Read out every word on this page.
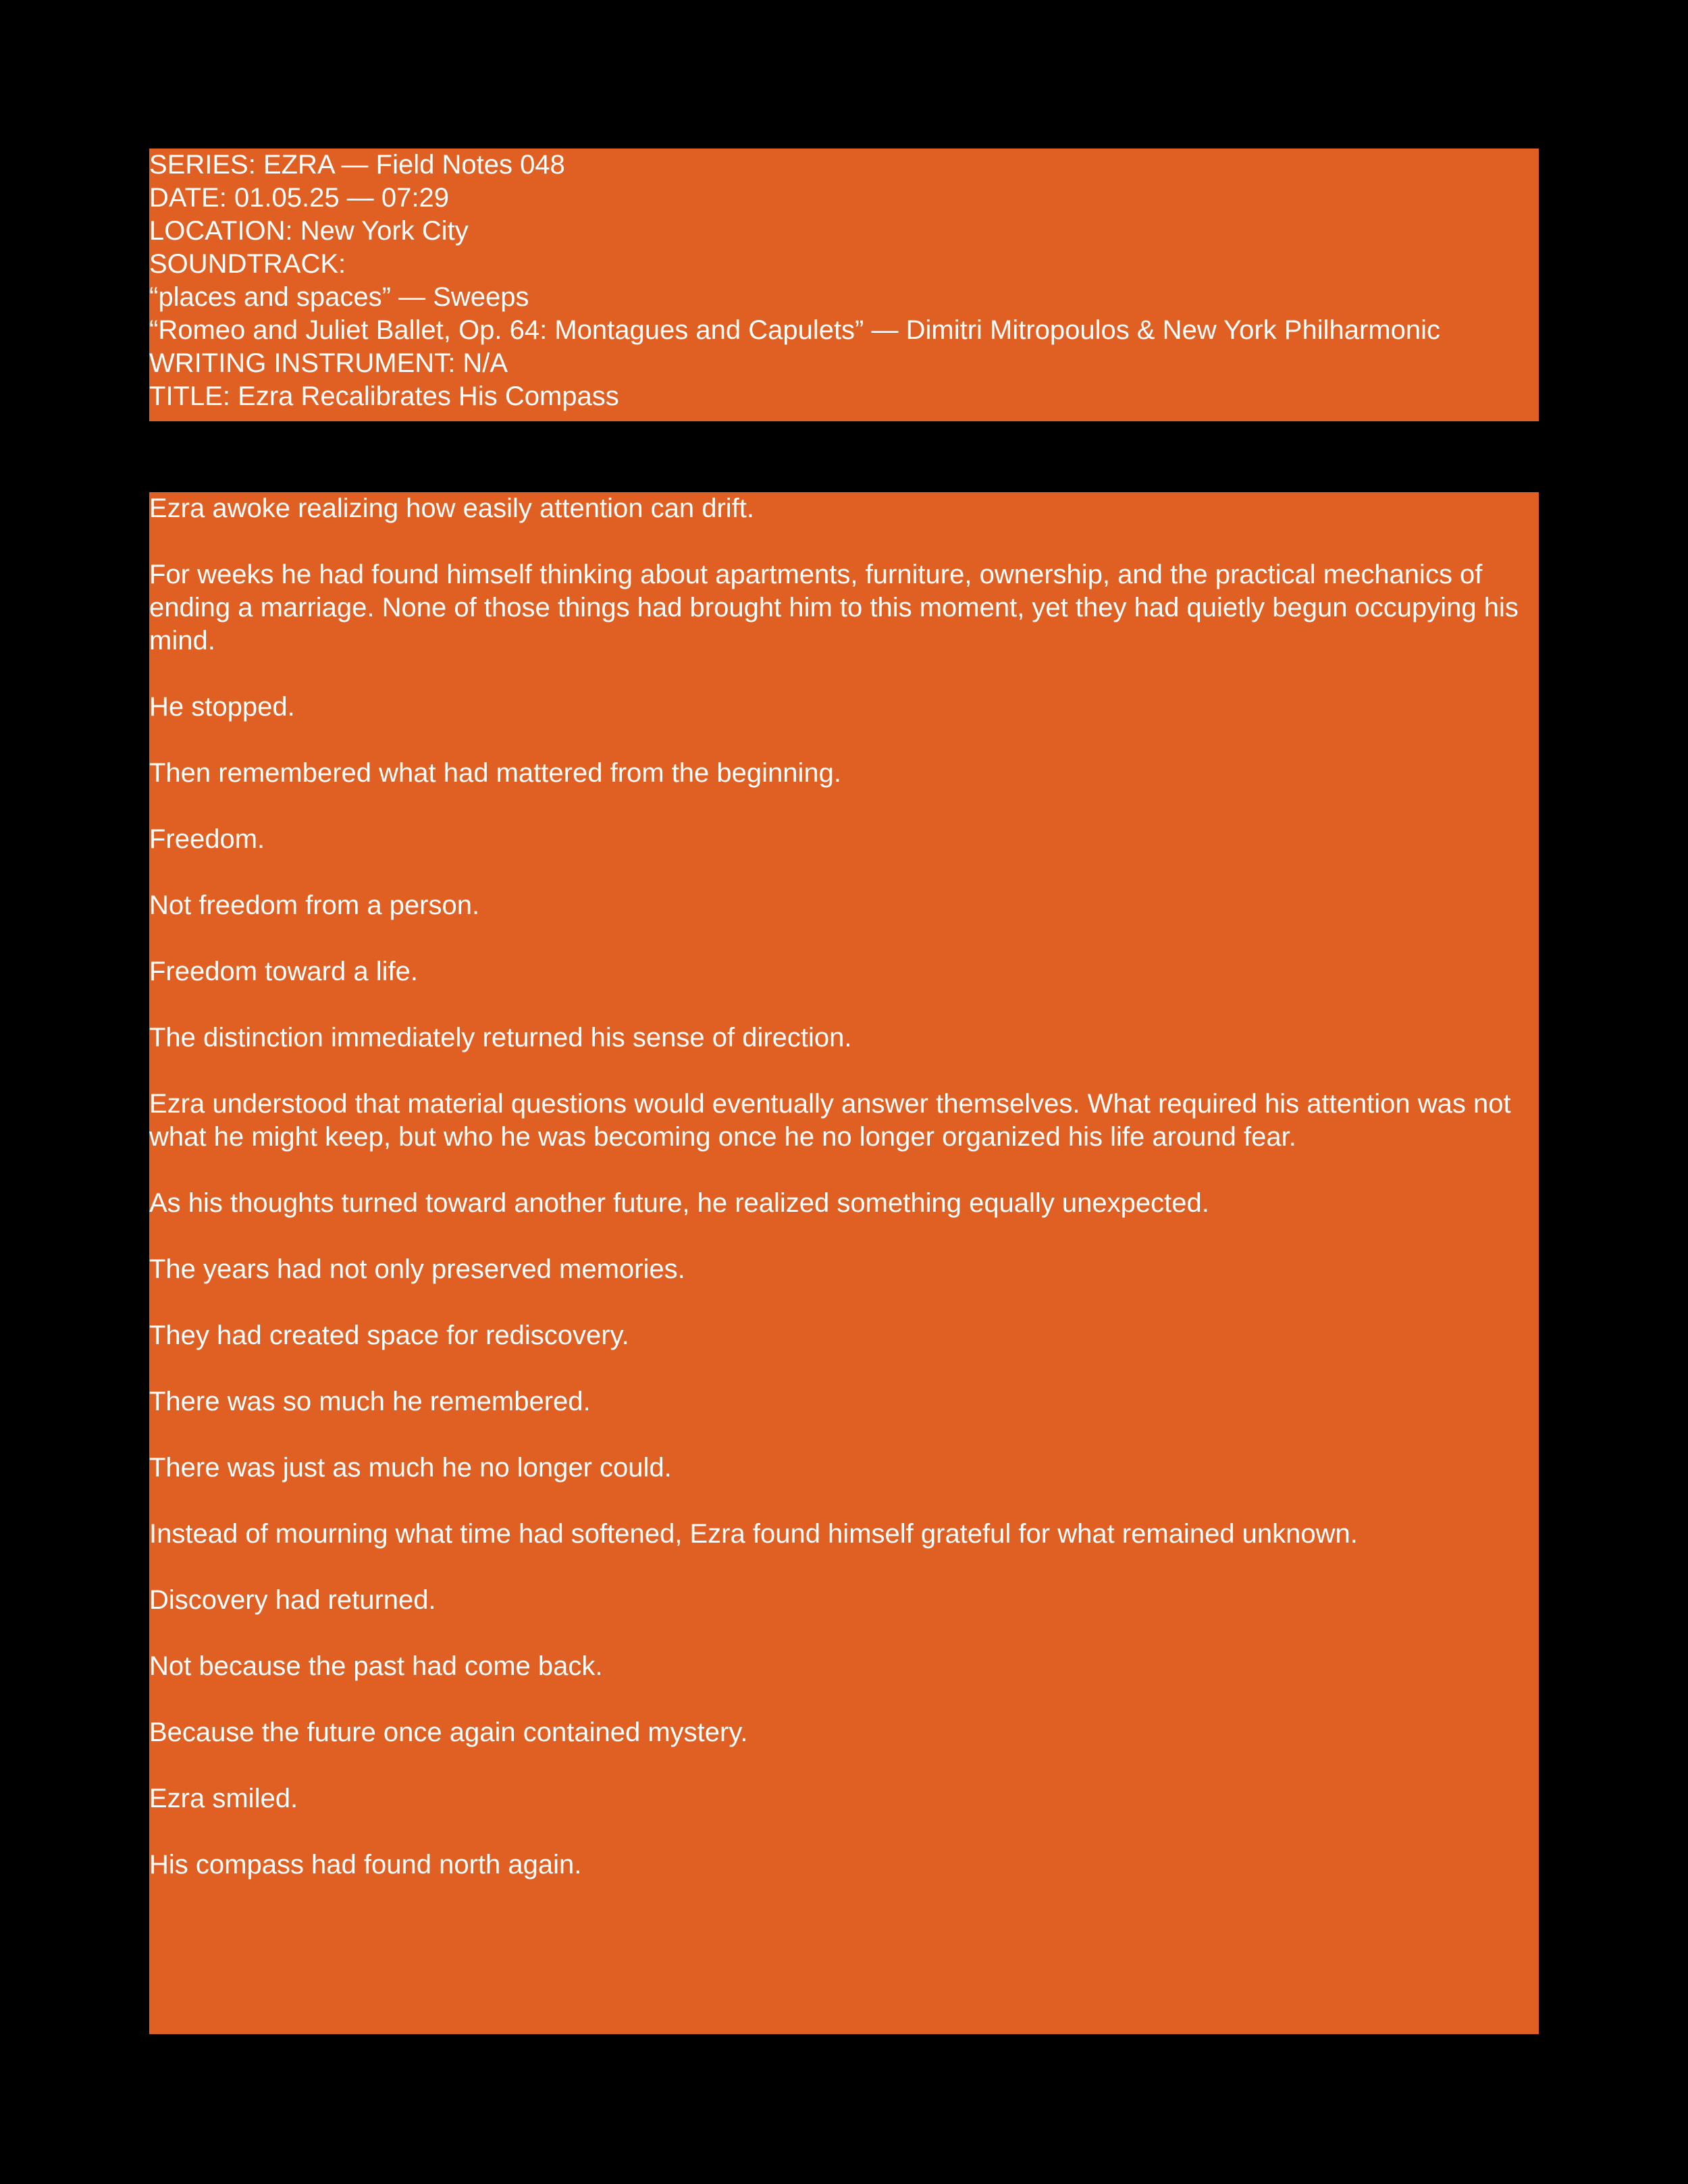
SERIES: EZRA — Field Notes 048
DATE: 01.05.25 — 07:29
LOCATION: New York City
SOUNDTRACK:
“places and spaces” — Sweeps
“Romeo and Juliet Ballet, Op. 64: Montagues and Capulets” — Dimitri Mitropoulos & New York Philharmonic
WRITING INSTRUMENT: N/A
TITLE: Ezra Recalibrates His Compass

Ezra awoke realizing how easily attention can drift.

For weeks he had found himself thinking about apartments, furniture, ownership, and the practical mechanics of ending a marriage. None of those things had brought him to this moment, yet they had quietly begun occupying his mind.

He stopped.

Then remembered what had mattered from the beginning.

Freedom.

Not freedom from a person.

Freedom toward a life.

The distinction immediately returned his sense of direction.

Ezra understood that material questions would eventually answer themselves. What required his attention was not what he might keep, but who he was becoming once he no longer organized his life around fear.

As his thoughts turned toward another future, he realized something equally unexpected.

The years had not only preserved memories.

They had created space for rediscovery.

There was so much he remembered.

There was just as much he no longer could.

Instead of mourning what time had softened, Ezra found himself grateful for what remained unknown.

Discovery had returned.

Not because the past had come back.

Because the future once again contained mystery.

Ezra smiled.

His compass had found north again.
